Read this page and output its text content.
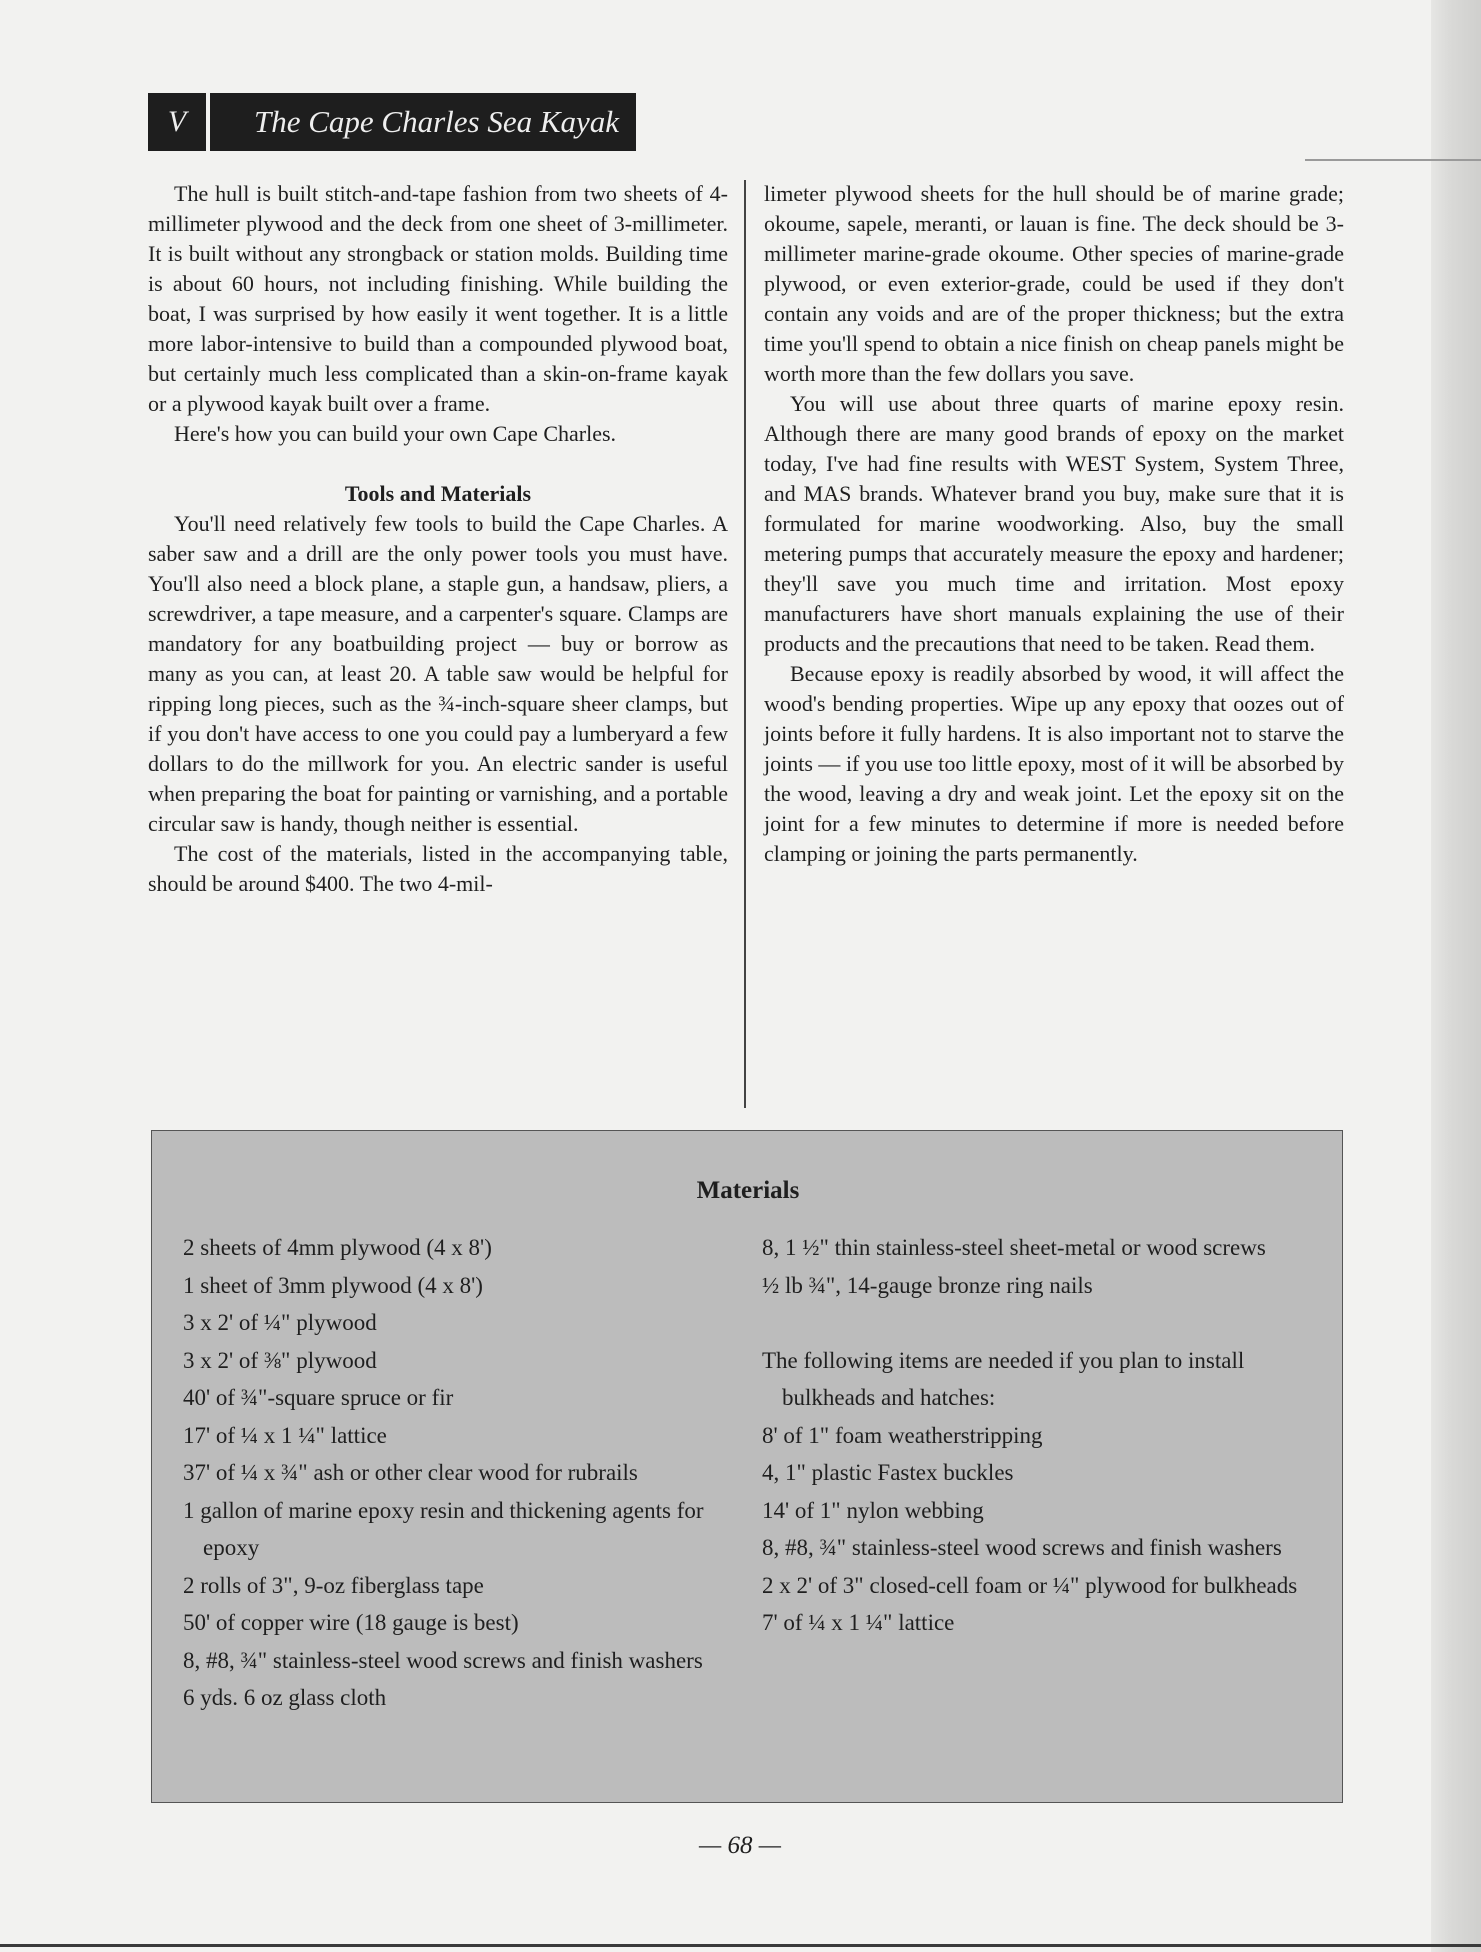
V	The Cape Charles Sea Kayak

The hull is built stitch-and-tape fashion from two sheets of 4-millimeter plywood and the deck from one sheet of 3-millimeter. It is built without any strongback or station molds. Building time is about 60 hours, not including finishing. While building the boat, I was surprised by how easily it went together. It is a little more labor-intensive to build than a compounded plywood boat, but certainly much less complicated than a skin-on-frame kayak or a plywood kayak built over a frame.

Here's how you can build your own Cape Charles.

Tools and Materials

You'll need relatively few tools to build the Cape Charles. A saber saw and a drill are the only power tools you must have. You'll also need a block plane, a staple gun, a handsaw, pliers, a screwdriver, a tape measure, and a carpenter's square. Clamps are mandatory for any boatbuilding project — buy or borrow as many as you can, at least 20. A table saw would be helpful for ripping long pieces, such as the ¾-inch-square sheer clamps, but if you don't have access to one you could pay a lumberyard a few dollars to do the millwork for you. An electric sander is useful when preparing the boat for painting or varnishing, and a portable circular saw is handy, though neither is essential.

The cost of the materials, listed in the accompanying table, should be around $400. The two 4-mil-

limeter plywood sheets for the hull should be of marine grade; okoume, sapele, meranti, or lauan is fine. The deck should be 3-millimeter marine-grade okoume. Other species of marine-grade plywood, or even exterior-grade, could be used if they don't contain any voids and are of the proper thickness; but the extra time you'll spend to obtain a nice finish on cheap panels might be worth more than the few dollars you save.

You will use about three quarts of marine epoxy resin. Although there are many good brands of epoxy on the market today, I've had fine results with WEST System, System Three, and MAS brands. Whatever brand you buy, make sure that it is formulated for marine woodworking. Also, buy the small metering pumps that accurately measure the epoxy and hardener; they'll save you much time and irritation. Most epoxy manufacturers have short manuals explaining the use of their products and the precautions that need to be taken. Read them.

Because epoxy is readily absorbed by wood, it will affect the wood's bending properties. Wipe up any epoxy that oozes out of joints before it fully hardens. It is also important not to starve the joints — if you use too little epoxy, most of it will be absorbed by the wood, leaving a dry and weak joint. Let the epoxy sit on the joint for a few minutes to determine if more is needed before clamping or joining the parts permanently.

Materials
2 sheets of 4mm plywood (4 x 8')
1 sheet of 3mm plywood (4 x 8')
3 x 2' of ¼" plywood
3 x 2' of ⅜" plywood
40' of ¾"-square spruce or fir
17' of ¼ x 1 ¼" lattice
37' of ¼ x ¾" ash or other clear wood for rubrails
1 gallon of marine epoxy resin and thickening agents for epoxy
2 rolls of 3", 9-oz fiberglass tape
50' of copper wire (18 gauge is best)
8, #8, ¾" stainless-steel wood screws and finish washers
6 yds. 6 oz glass cloth
8, 1 ½" thin stainless-steel sheet-metal or wood screws
½ lb ¾", 14-gauge bronze ring nails
The following items are needed if you plan to install bulkheads and hatches:
8' of 1" foam weatherstripping
4, 1" plastic Fastex buckles
14' of 1" nylon webbing
8, #8, ¾" stainless-steel wood screws and finish washers
2 x 2' of 3" closed-cell foam or ¼" plywood for bulkheads
7' of ¼ x 1 ¼" lattice
— 68 —
